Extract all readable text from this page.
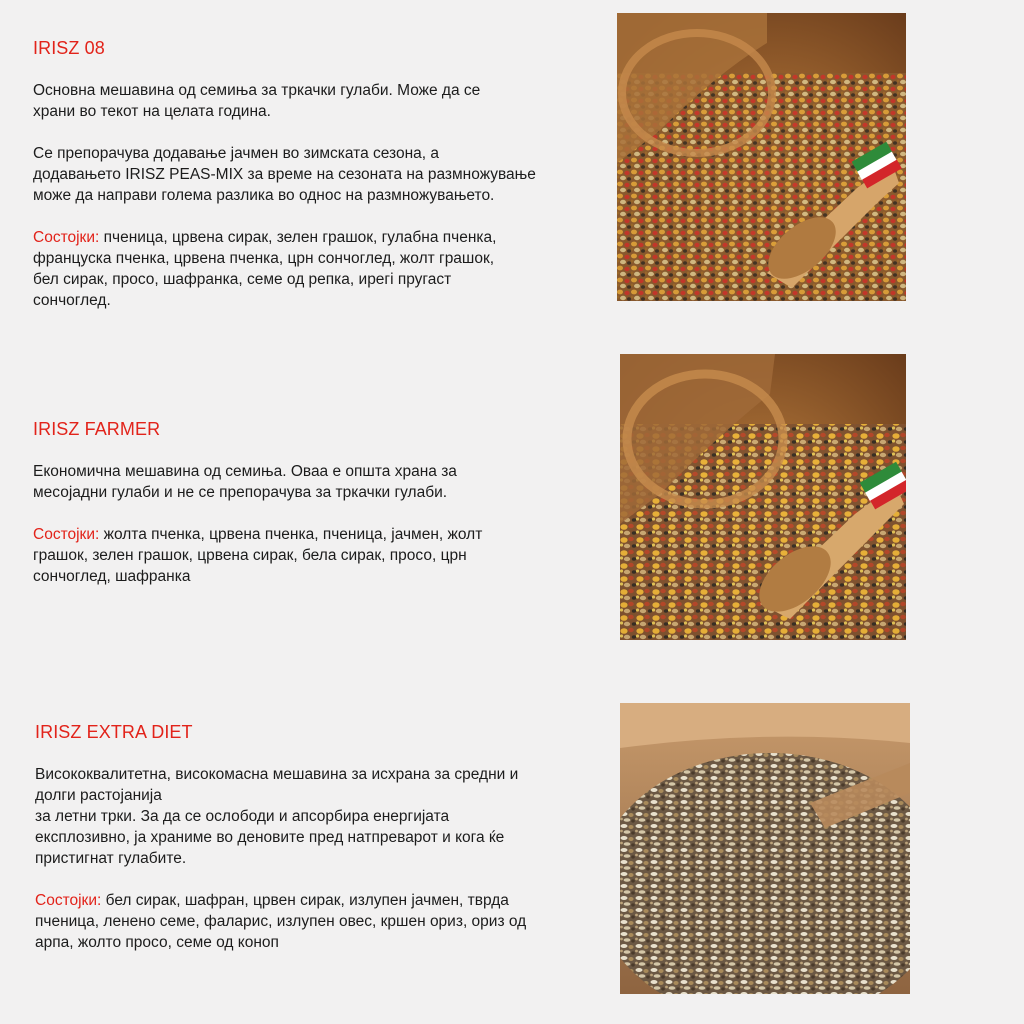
IRISZ 08

Основна мешавина од семиња за тркачки гулаби. Може да се
храни во текот на целата година.

Се препорачува додавање јачмен во зимската сезона, а
додавањето IRISZ PEAS-MIX за време на сезоната на размножување
може да направи голема разлика во однос на размножувањето.

Состојки: пченица, црвена сирак, зелен грашок, гулабна пченка,
француска пченка, црвена пченка, црн сончоглед, жолт грашок,
бел сирак, просо, шафранка, семе од репка, ирегi пругаст
сончоглед.

IRISZ FARMER

Економична мешавина од семиња. Оваа е општа храна за
месојадни гулаби и не се препорачува за тркачки гулаби.

Состојки: жолта пченка, црвена пченка, пченица, јачмен, жолт
грашок, зелен грашок, црвена сирак, бела сирак, просо, црн
сончоглед, шафранка

IRISZ EXTRA DIET

Висококвалитетна, високомасна мешавина за исхрана за средни и
долги растојанија
за летни трки. За да се ослободи и апсорбира енергијата
експлозивно, ја храниме во деновите пред натпреварот и кога ќе
пристигнат гулабите.

Состојки: бел сирак, шафран, црвен сирак, излупен јачмен, тврда
пченица, ленено семе, фаларис, излупен овес, кршен ориз, ориз од
арпа, жолто просо, семе од коноп
